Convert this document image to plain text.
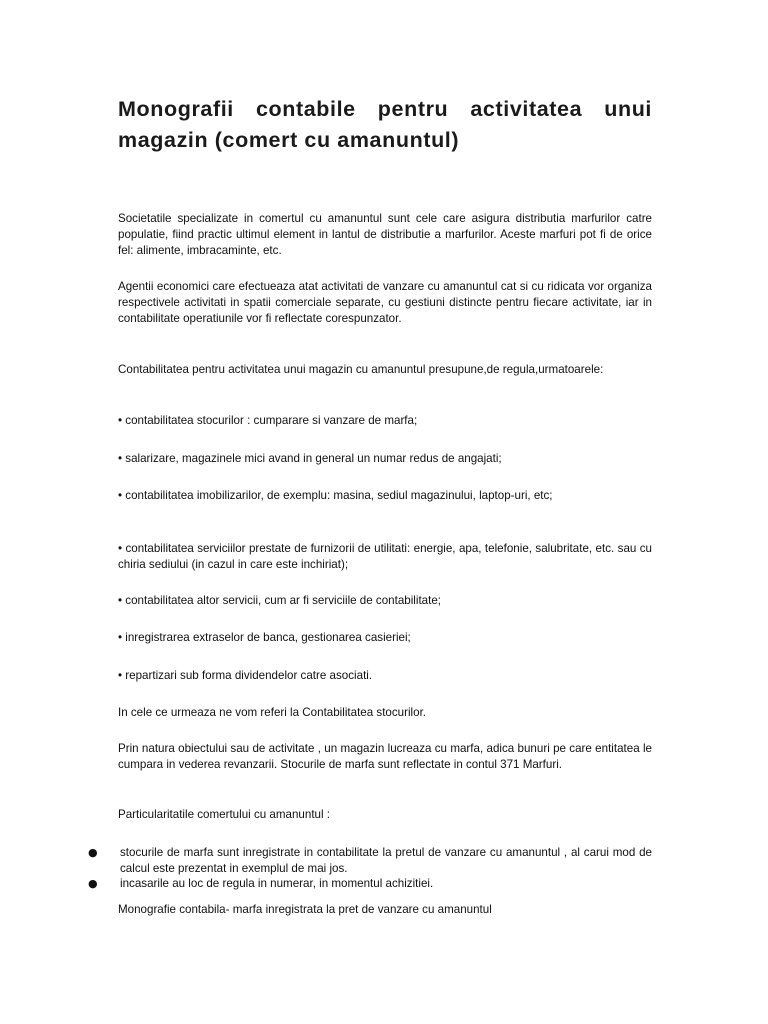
Monografii contabile pentru activitatea unui magazin (comert cu amanuntul)

Societatile specializate in comertul cu amanuntul sunt cele care asigura distributia marfurilor catre populatie, fiind practic ultimul element in lantul de distributie a marfurilor. Aceste marfuri pot fi de orice fel: alimente, imbracaminte, etc.

Agentii economici care efectueaza atat activitati de vanzare cu amanuntul cat si cu ridicata vor organiza respectivele activitati in spatii comerciale separate, cu gestiuni distincte pentru fiecare activitate, iar in contabilitate operatiunile vor fi reflectate corespunzator.

Contabilitatea pentru activitatea unui magazin cu amanuntul presupune,de regula,urmatoarele:

• contabilitatea stocurilor : cumparare si vanzare de marfa;

• salarizare, magazinele mici avand in general un numar redus de angajati;

• contabilitatea imobilizarilor, de exemplu: masina, sediul magazinului, laptop-uri, etc;

• contabilitatea serviciilor prestate de furnizorii de utilitati: energie, apa, telefonie, salubritate, etc. sau cu chiria sediului (in cazul in care este inchiriat);

• contabilitatea altor servicii, cum ar fi serviciile de contabilitate;

• inregistrarea extraselor de banca, gestionarea casieriei;

• repartizari sub forma dividendelor catre asociati.

In cele ce urmeaza ne vom referi la Contabilitatea stocurilor.

Prin natura obiectului sau de activitate , un magazin lucreaza cu marfa, adica bunuri pe care entitatea le cumpara in vederea revanzarii. Stocurile de marfa sunt reflectate in contul 371 Marfuri.

Particularitatile comertului cu amanuntul :

● stocurile de marfa sunt inregistrate in contabilitate la pretul de vanzare cu amanuntul , al carui mod de calcul este prezentat in exemplul de mai jos.

● incasarile au loc de regula in numerar, in momentul achizitiei.

Monografie contabila- marfa inregistrata la pret de vanzare cu amanuntul
